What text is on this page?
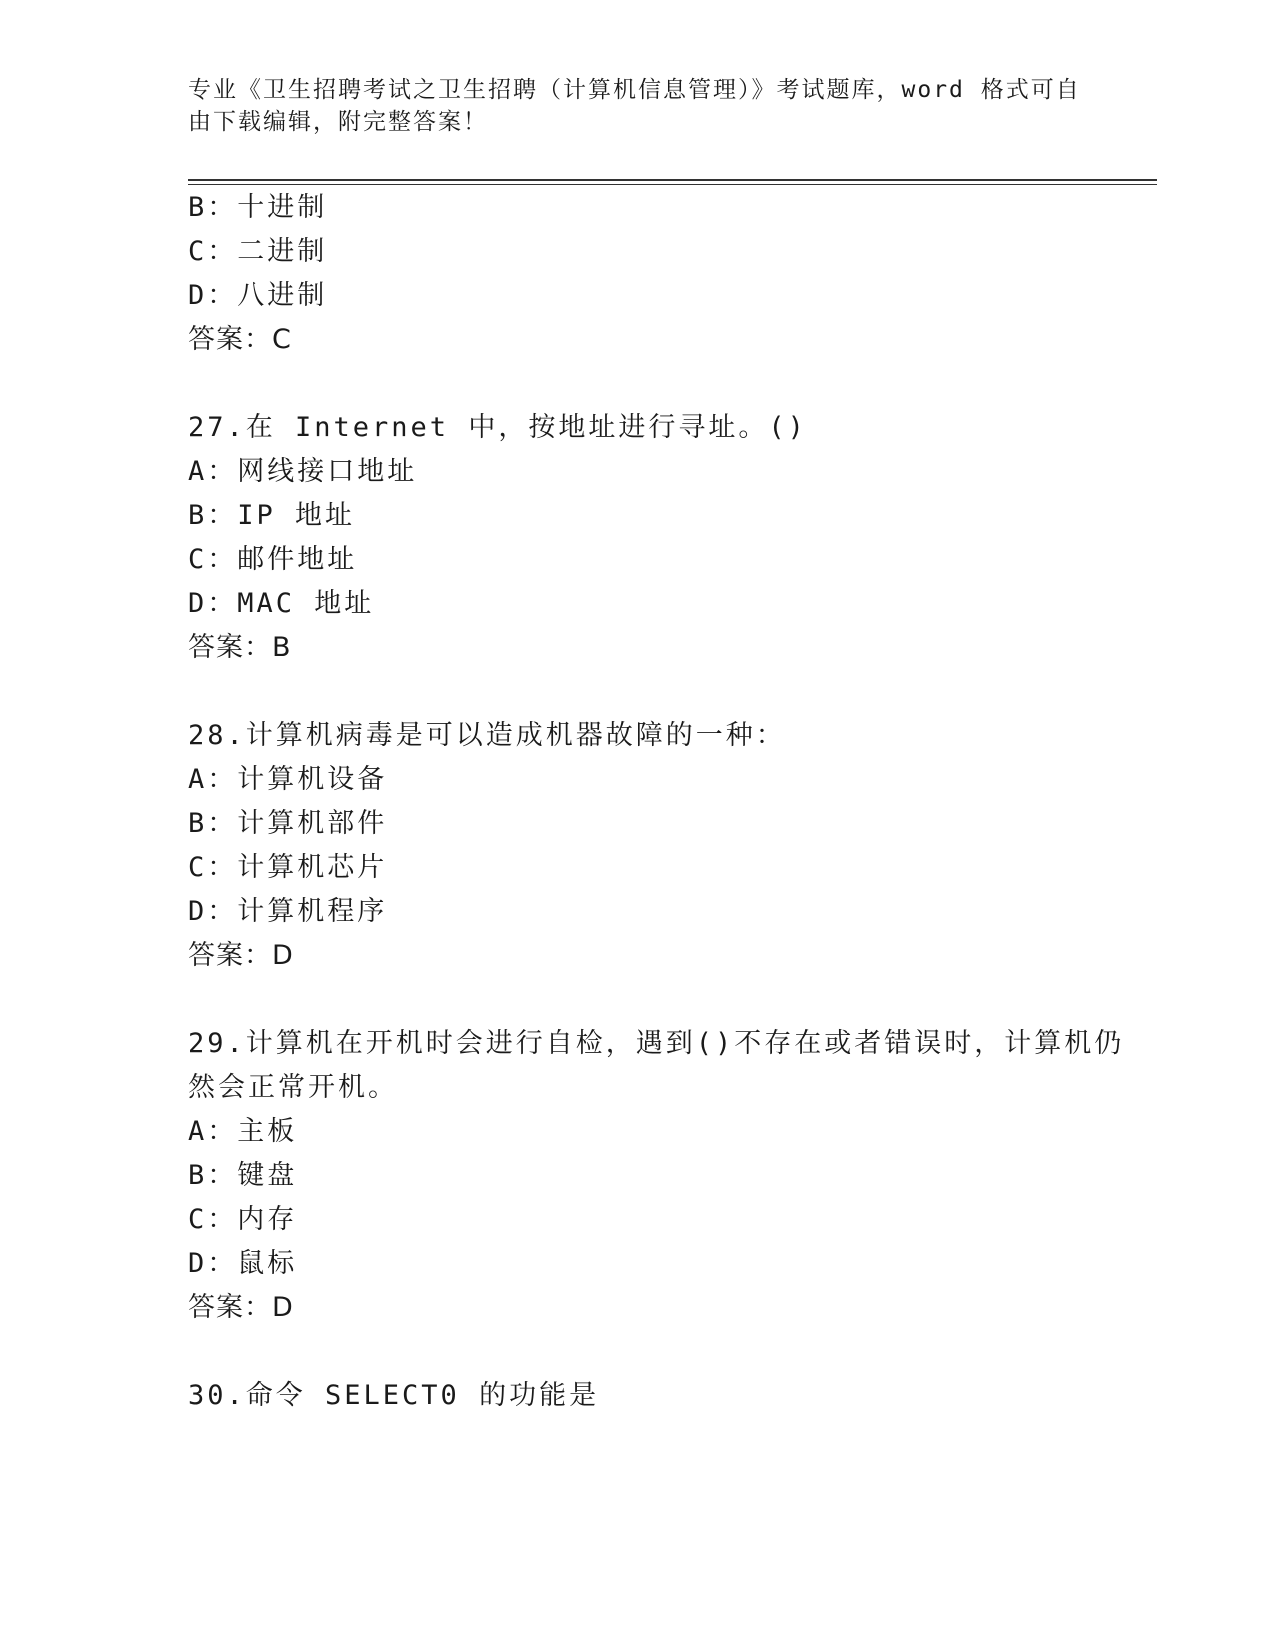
专业《卫生招聘考试之卫生招聘（计算机信息管理）》考试题库，word 格式可自
由下载编辑，附完整答案！
B：十进制
C：二进制
D：八进制
答案：C
27.在 Internet 中，按地址进行寻址。()
A：网线接口地址
B：IP 地址
C：邮件地址
D：MAC 地址
答案：B
28.计算机病毒是可以造成机器故障的一种：
A：计算机设备
B：计算机部件
C：计算机芯片
D：计算机程序
答案：D
29.计算机在开机时会进行自检，遇到()不存在或者错误时，计算机仍
然会正常开机。
A：主板
B：键盘
C：内存
D：鼠标
答案：D
30.命令 SELECT0 的功能是
